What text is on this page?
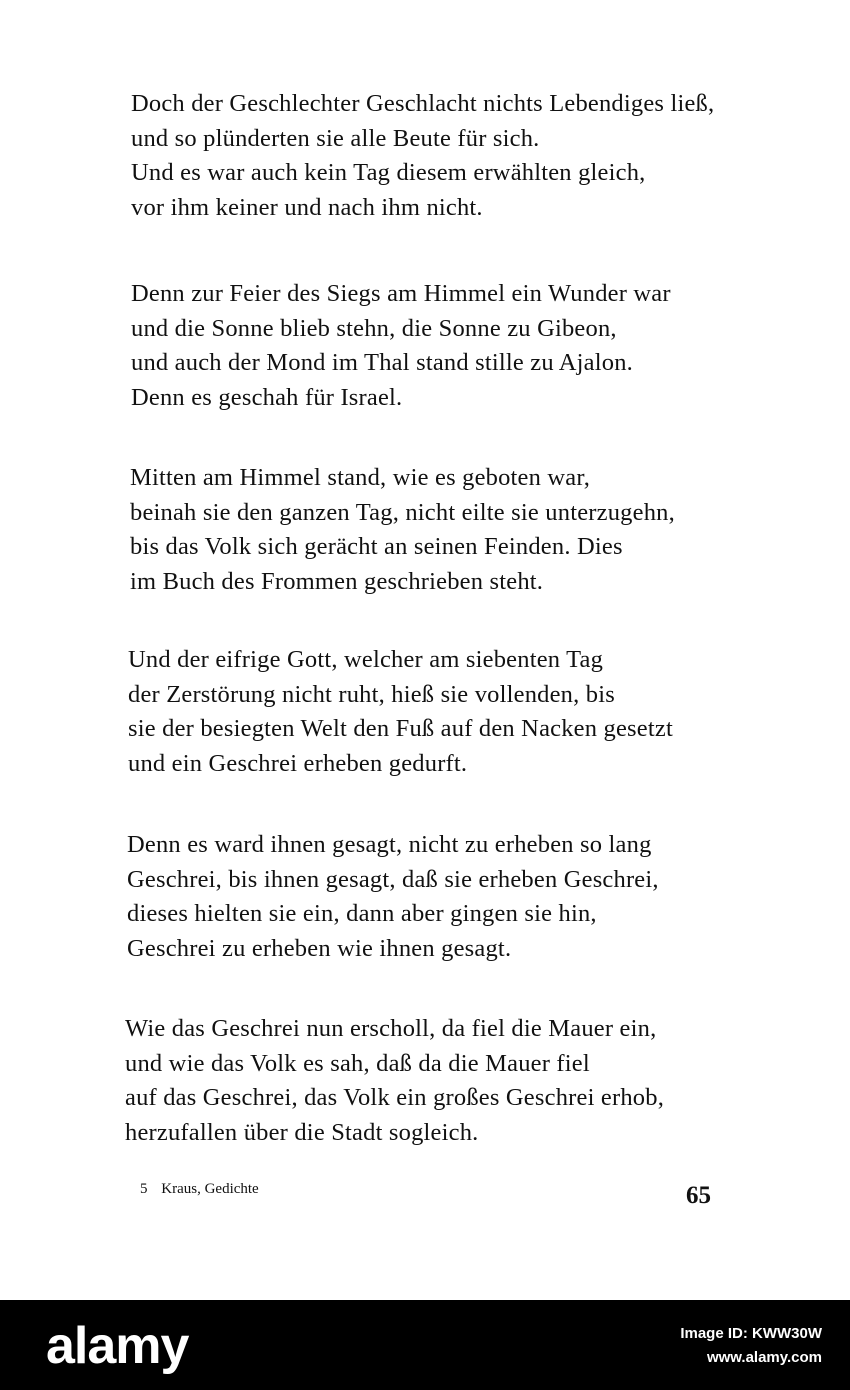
Doch der Geschlechter Geschlacht nichts Lebendiges ließ,
und so plünderten sie alle Beute für sich.
Und es war auch kein Tag diesem erwählten gleich,
vor ihm keiner und nach ihm nicht.

Denn zur Feier des Siegs am Himmel ein Wunder war
und die Sonne blieb stehn, die Sonne zu Gibeon,
und auch der Mond im Thal stand stille zu Ajalon.
Denn es geschah für Israel.

Mitten am Himmel stand, wie es geboten war,
beinah sie den ganzen Tag, nicht eilte sie unterzugehn,
bis das Volk sich gerächt an seinen Feinden. Dies
im Buch des Frommen geschrieben steht.

Und der eifrige Gott, welcher am siebenten Tag
der Zerstörung nicht ruht, hieß sie vollenden, bis
sie der besiegten Welt den Fuß auf den Nacken gesetzt
und ein Geschrei erheben gedurft.

Denn es ward ihnen gesagt, nicht zu erheben so lang
Geschrei, bis ihnen gesagt, daß sie erheben Geschrei,
dieses hielten sie ein, dann aber gingen sie hin,
Geschrei zu erheben wie ihnen gesagt.

Wie das Geschrei nun erscholl, da fiel die Mauer ein,
und wie das Volk es sah, daß da die Mauer fiel
auf das Geschrei, das Volk ein großes Geschrei erhob,
herzufallen über die Stadt sogleich.

5 Kraus, Gedichte	65
alamy	Image ID: KWW30W
www.alamy.com
